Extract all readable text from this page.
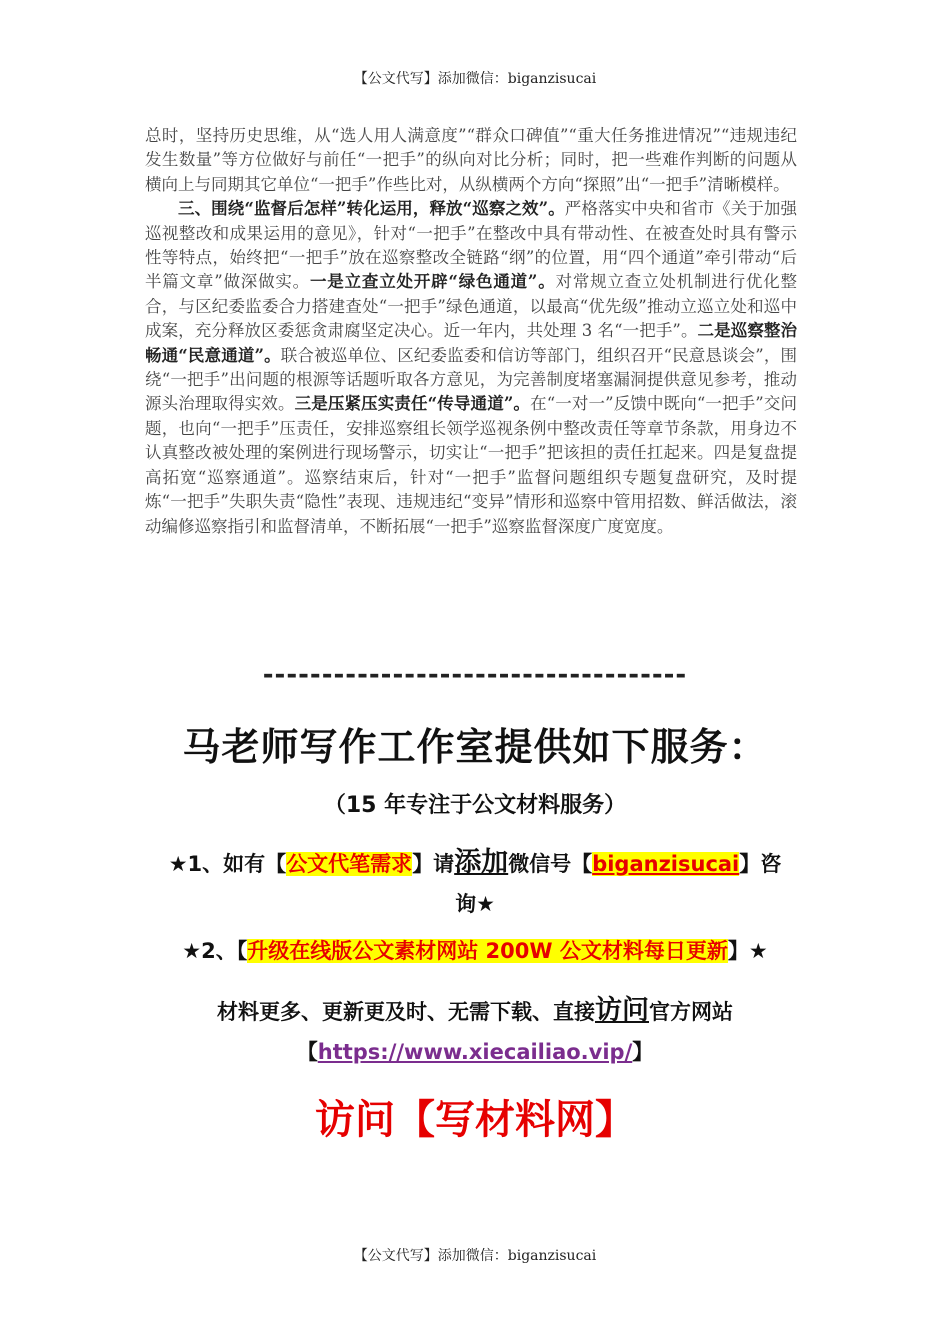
【公文代写】添加微信：biganzisucai

总时，坚持历史思维，从“选人用人满意度”“群众口碑值”“重大任务推进情况”“违规违纪发生数量”等方位做好与前任“一把手”的纵向对比分析；同时，把一些难作判断的问题从横向上与同期其它单位“一把手”作些比对，从纵横两个方向“探照”出“一把手”清晰模样。

三、围绕“监督后怎样”转化运用，释放“巡察之效”。严格落实中央和省市《关于加强巡视整改和成果运用的意见》，针对“一把手”在整改中具有带动性、在被查处时具有警示性等特点，始终把“一把手”放在巡察整改全链路“纲”的位置，用“四个通道”牵引带动“后半篇文章”做深做实。一是立查立处开辟“绿色通道”。对常规立查立处机制进行优化整合，与区纪委监委合力搭建查处“一把手”绿色通道，以最高“优先级”推动立巡立处和巡中成案，充分释放区委惩贪肃腐坚定决心。近一年内，共处理 3 名“一把手”。二是巡察整治畅通“民意通道”。联合被巡单位、区纪委监委和信访等部门，组织召开“民意恳谈会”，围绕“一把手”出问题的根源等话题听取各方意见，为完善制度堵塞漏洞提供意见参考，推动源头治理取得实效。三是压紧压实责任“传导通道”。在“一对一”反馈中既向“一把手”交问题，也向“一把手”压责任，安排巡察组长领学巡视条例中整改责任等章节条款，用身边不认真整改被处理的案例进行现场警示，切实让“一把手”把该担的责任扛起来。四是复盘提高拓宽“巡察通道”。巡察结束后，针对“一把手”监督问题组织专题复盘研究，及时提炼“一把手”失职失责“隐性”表现、违规违纪“变异”情形和巡察中管用招数、鲜活做法，滚动编修巡察指引和监督清单，不断拓展“一把手”巡察监督深度广度宽度。

------------------------------------
马老师写作工作室提供如下服务：
（15 年专注于公文材料服务）
★1、如有【公文代笔需求】请添加微信号【biganzisucai】咨
询★
★2、【升级在线版公文素材网站 200W 公文材料每日更新】★
材料更多、更新更及时、无需下载、直接访问官方网站
【https://www.xiecailiao.vip/】
访问【写材料网】
【公文代写】添加微信：biganzisucai
